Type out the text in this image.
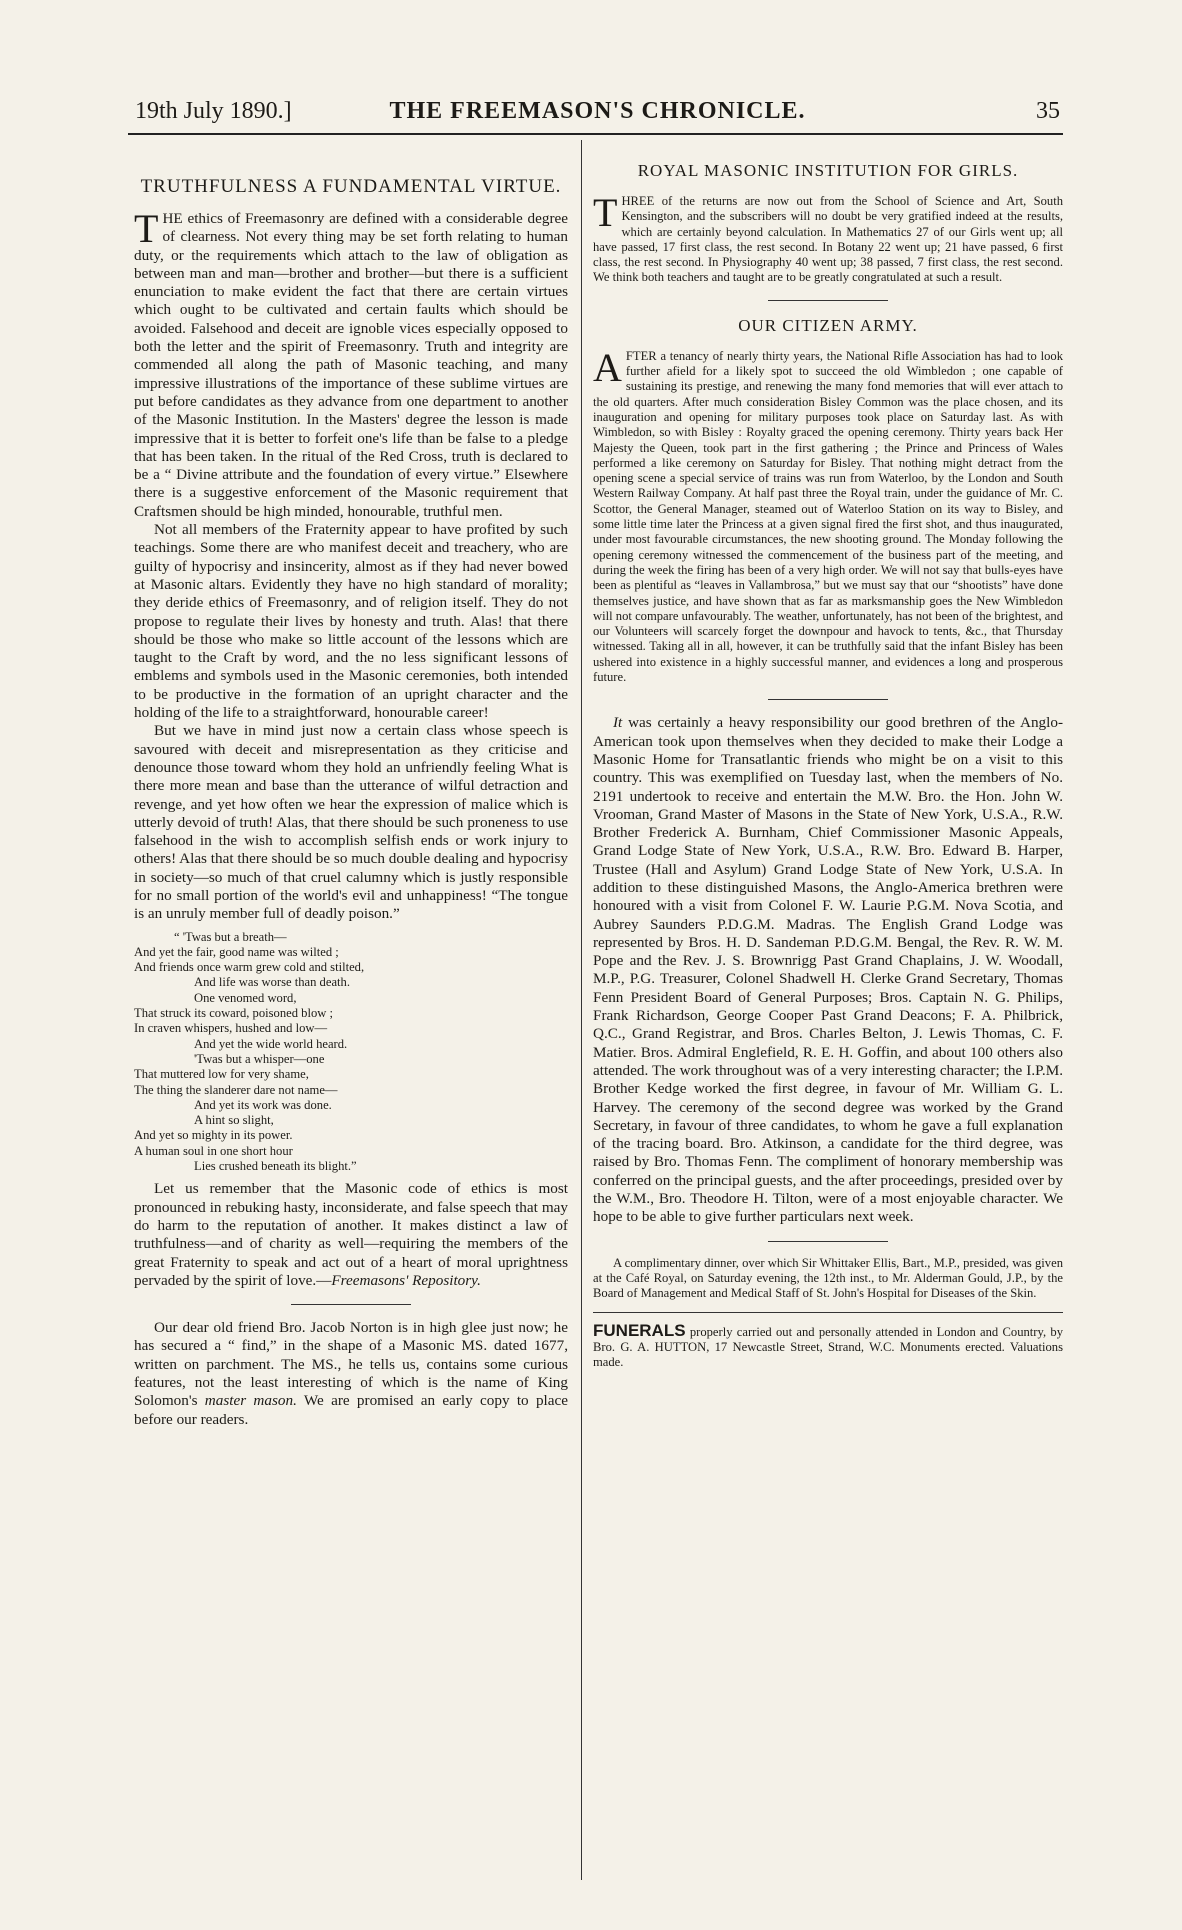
19th July 1890.]	THE FREEMASON'S CHRONICLE.	35
TRUTHFULNESS A FUNDAMENTAL VIRTUE.

THE ethics of Freemasonry are defined with a considerable degree of clearness. Not every thing may be set forth relating to human duty, or the requirements which attach to the law of obligation as between man and man—brother and brother—but there is a sufficient enunciation to make evident the fact that there are certain virtues which ought to be cultivated and certain faults which should be avoided. Falsehood and deceit are ignoble vices especially opposed to both the letter and the spirit of Freemasonry. Truth and integrity are commended all along the path of Masonic teaching, and many impressive illustrations of the importance of these sublime virtues are put before candidates as they advance from one department to another of the Masonic Institution. In the Masters' degree the lesson is made impressive that it is better to forfeit one's life than be false to a pledge that has been taken. In the ritual of the Red Cross, truth is declared to be a “ Divine attribute and the foundation of every virtue.” Elsewhere there is a suggestive enforcement of the Masonic requirement that Craftsmen should be high minded, honourable, truthful men.

Not all members of the Fraternity appear to have profited by such teachings. Some there are who manifest deceit and treachery, who are guilty of hypocrisy and insincerity, almost as if they had never bowed at Masonic altars. Evidently they have no high standard of morality; they deride ethics of Freemasonry, and of religion itself. They do not propose to regulate their lives by honesty and truth. Alas! that there should be those who make so little account of the lessons which are taught to the Craft by word, and the no less significant lessons of emblems and symbols used in the Masonic ceremonies, both intended to be productive in the formation of an upright character and the holding of the life to a straightforward, honourable career!

But we have in mind just now a certain class whose speech is savoured with deceit and misrepresentation as they criticise and denounce those toward whom they hold an unfriendly feeling What is there more mean and base than the utterance of wilful detraction and revenge, and yet how often we hear the expression of malice which is utterly devoid of truth! Alas, that there should be such proneness to use falsehood in the wish to accomplish selfish ends or work injury to others! Alas that there should be so much double dealing and hypocrisy in society—so much of that cruel calumny which is justly responsible for no small portion of the world's evil and unhappiness! “The tongue is an unruly member full of deadly poison.”

“ 'Twas but a breath—
And yet the fair, good name was wilted ;
And friends once warm grew cold and stilted,
And life was worse than death.
One venomed word,
That struck its coward, poisoned blow ;
In craven whispers, hushed and low—
And yet the wide world heard.
'Twas but a whisper—one
That muttered low for very shame,
The thing the slanderer dare not name—
And yet its work was done.
A hint so slight,
And yet so mighty in its power.
A human soul in one short hour
Lies crushed beneath its blight.”

Let us remember that the Masonic code of ethics is most pronounced in rebuking hasty, inconsiderate, and false speech that may do harm to the reputation of another. It makes distinct a law of truthfulness—and of charity as well—requiring the members of the great Fraternity to speak and act out of a heart of moral uprightness pervaded by the spirit of love.—Freemasons' Repository.

Our dear old friend Bro. Jacob Norton is in high glee just now; he has secured a “ find,” in the shape of a Masonic MS. dated 1677, written on parchment. The MS., he tells us, contains some curious features, not the least interesting of which is the name of King Solomon's master mason. We are promised an early copy to place before our readers.

ROYAL MASONIC INSTITUTION FOR GIRLS.

THREE of the returns are now out from the School of Science and Art, South Kensington, and the subscribers will no doubt be very gratified indeed at the results, which are certainly beyond calculation. In Mathematics 27 of our Girls went up; all have passed, 17 first class, the rest second. In Botany 22 went up; 21 have passed, 6 first class, the rest second. In Physiography 40 went up; 38 passed, 7 first class, the rest second. We think both teachers and taught are to be greatly congratulated at such a result.

OUR CITIZEN ARMY.

AFTER a tenancy of nearly thirty years, the National Rifle Association has had to look further afield for a likely spot to succeed the old Wimbledon ; one capable of sustaining its prestige, and renewing the many fond memories that will ever attach to the old quarters. After much consideration Bisley Common was the place chosen, and its inauguration and opening for military purposes took place on Saturday last. As with Wimbledon, so with Bisley : Royalty graced the opening ceremony. Thirty years back Her Majesty the Queen, took part in the first gathering ; the Prince and Princess of Wales performed a like ceremony on Saturday for Bisley. That nothing might detract from the opening scene a special service of trains was run from Waterloo, by the London and South Western Railway Company. At half past three the Royal train, under the guidance of Mr. C. Scottor, the General Manager, steamed out of Waterloo Station on its way to Bisley, and some little time later the Princess at a given signal fired the first shot, and thus inaugurated, under most favourable circumstances, the new shooting ground. The Monday following the opening ceremony witnessed the commencement of the business part of the meeting, and during the week the firing has been of a very high order. We will not say that bulls-eyes have been as plentiful as “leaves in Vallambrosa,” but we must say that our “shootists” have done themselves justice, and have shown that as far as marksmanship goes the New Wimbledon will not compare unfavourably. The weather, unfortunately, has not been of the brightest, and our Volunteers will scarcely forget the downpour and havock to tents, &c., that Thursday witnessed. Taking all in all, however, it can be truthfully said that the infant Bisley has been ushered into existence in a highly successful manner, and evidences a long and prosperous future.

It was certainly a heavy responsibility our good brethren of the Anglo-American took upon themselves when they decided to make their Lodge a Masonic Home for Transatlantic friends who might be on a visit to this country. This was exemplified on Tuesday last, when the members of No. 2191 undertook to receive and entertain the M.W. Bro. the Hon. John W. Vrooman, Grand Master of Masons in the State of New York, U.S.A., R.W. Brother Frederick A. Burnham, Chief Commissioner Masonic Appeals, Grand Lodge State of New York, U.S.A., R.W. Bro. Edward B. Harper, Trustee (Hall and Asylum) Grand Lodge State of New York, U.S.A. In addition to these distinguished Masons, the Anglo-America brethren were honoured with a visit from Colonel F. W. Laurie P.G.M. Nova Scotia, and Aubrey Saunders P.D.G.M. Madras. The English Grand Lodge was represented by Bros. H. D. Sandeman P.D.G.M. Bengal, the Rev. R. W. M. Pope and the Rev. J. S. Brownrigg Past Grand Chaplains, J. W. Woodall, M.P., P.G. Treasurer, Colonel Shadwell H. Clerke Grand Secretary, Thomas Fenn President Board of General Purposes; Bros. Captain N. G. Philips, Frank Richardson, George Cooper Past Grand Deacons; F. A. Philbrick, Q.C., Grand Registrar, and Bros. Charles Belton, J. Lewis Thomas, C. F. Matier. Bros. Admiral Englefield, R. E. H. Goffin, and about 100 others also attended. The work throughout was of a very interesting character; the I.P.M. Brother Kedge worked the first degree, in favour of Mr. William G. L. Harvey. The ceremony of the second degree was worked by the Grand Secretary, in favour of three candidates, to whom he gave a full explanation of the tracing board. Bro. Atkinson, a candidate for the third degree, was raised by Bro. Thomas Fenn. The compliment of honorary membership was conferred on the principal guests, and the after proceedings, presided over by the W.M., Bro. Theodore H. Tilton, were of a most enjoyable character. We hope to be able to give further particulars next week.

A complimentary dinner, over which Sir Whittaker Ellis, Bart., M.P., presided, was given at the Café Royal, on Saturday evening, the 12th inst., to Mr. Alderman Gould, J.P., by the Board of Management and Medical Staff of St. John's Hospital for Diseases of the Skin.

FUNERALS properly carried out and personally attended in London and Country, by Bro. G. A. HUTTON, 17 Newcastle Street, Strand, W.C. Monuments erected. Valuations made.
